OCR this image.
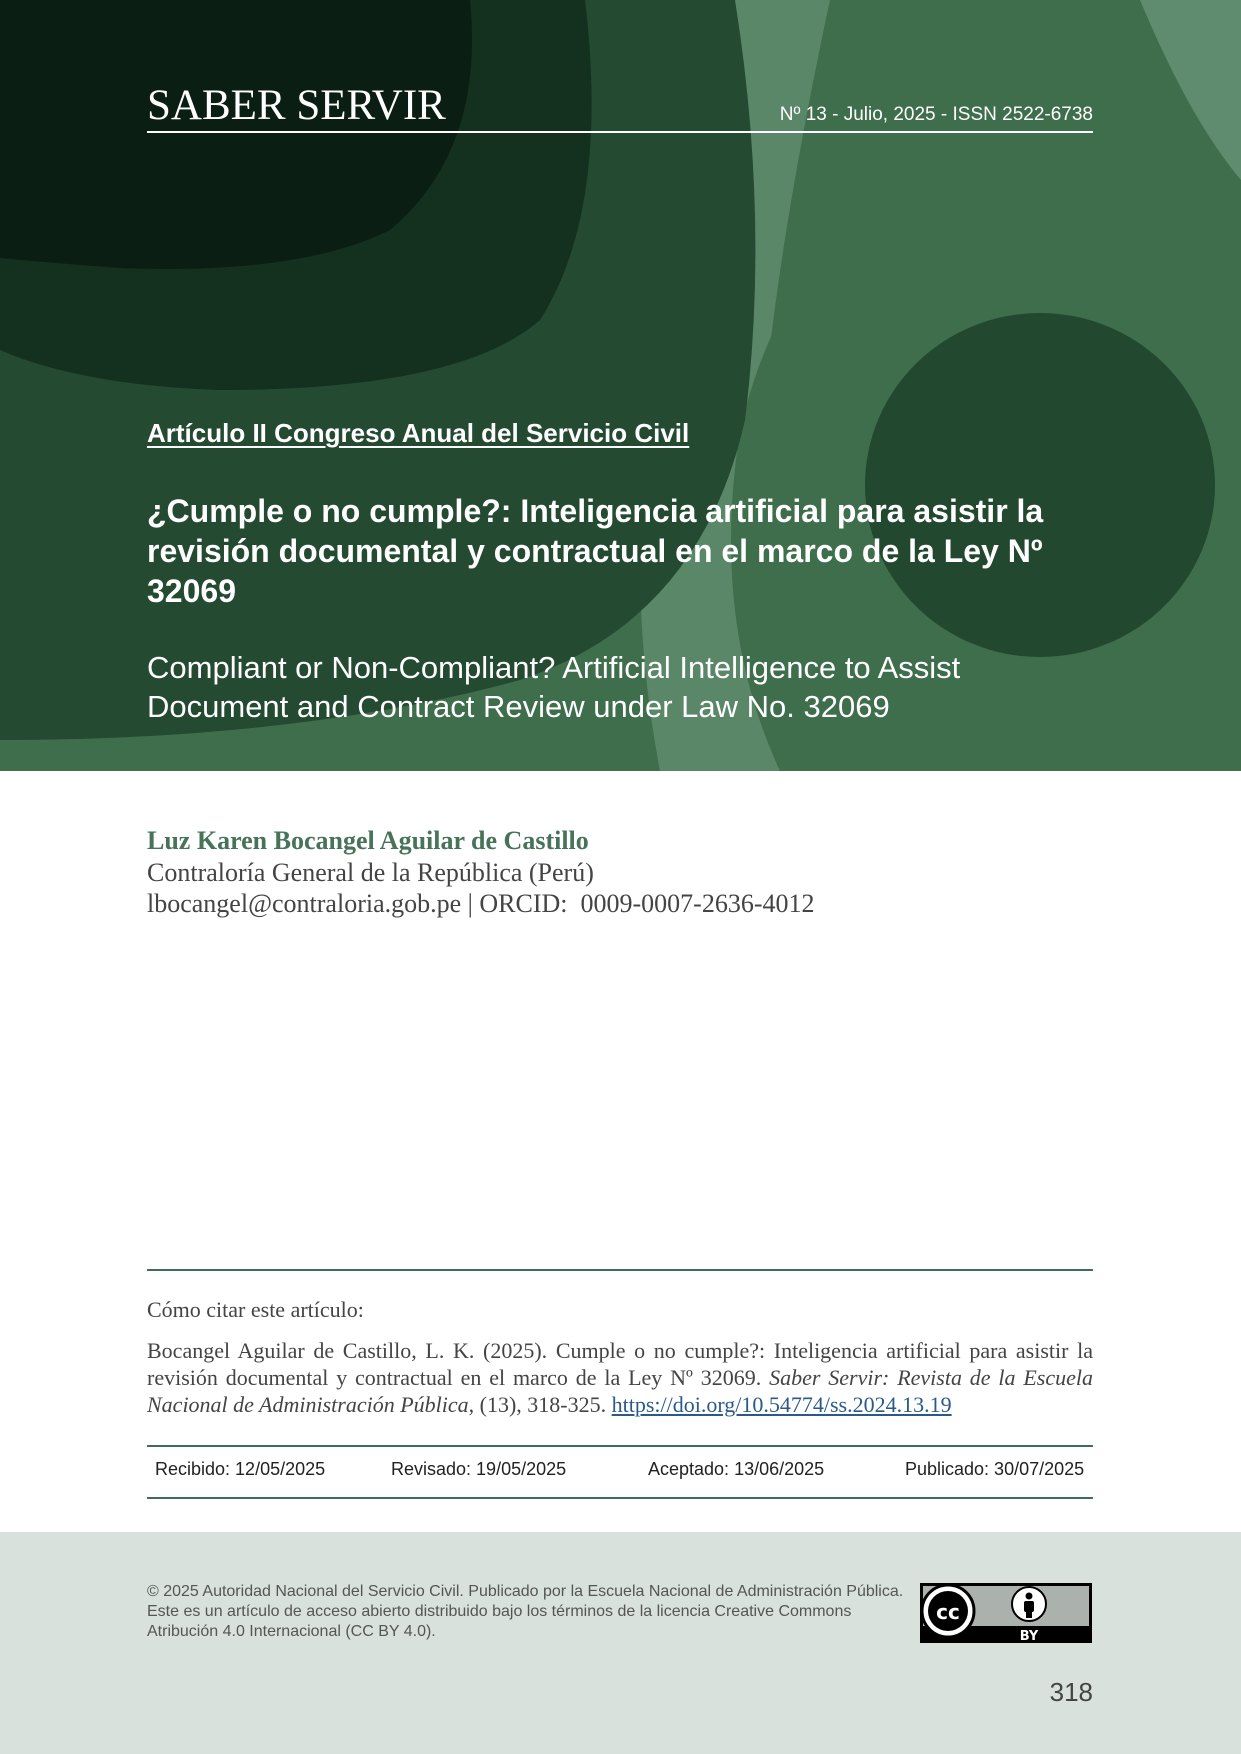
SABER SERVIR	Nº 13 - Julio, 2025 - ISSN 2522-6738
Artículo II Congreso Anual del Servicio Civil
¿Cumple o no cumple?: Inteligencia artificial para asistir la revisión documental y contractual en el marco de la Ley Nº 32069
Compliant or Non-Compliant? Artificial Intelligence to Assist Document and Contract Review under Law No. 32069
Luz Karen Bocangel Aguilar de Castillo
Contraloría General de la República (Perú)
lbocangel@contraloria.gob.pe | ORCID: 0009-0007-2636-4012
Cómo citar este artículo:
Bocangel Aguilar de Castillo, L. K. (2025). Cumple o no cumple?: Inteligencia artificial para asistir la revisión documental y contractual en el marco de la Ley Nº 32069. Saber Servir: Revista de la Escuela Nacional de Administración Pública, (13), 318-325. https://doi.org/10.54774/ss.2024.13.19
Recibido: 12/05/2025	Revisado: 19/05/2025	Aceptado: 13/06/2025	Publicado: 30/07/2025
© 2025 Autoridad Nacional del Servicio Civil. Publicado por la Escuela Nacional de Administración Pública. Este es un artículo de acceso abierto distribuido bajo los términos de la licencia Creative Commons Atribución 4.0 Internacional (CC BY 4.0).
cc
BY
318
